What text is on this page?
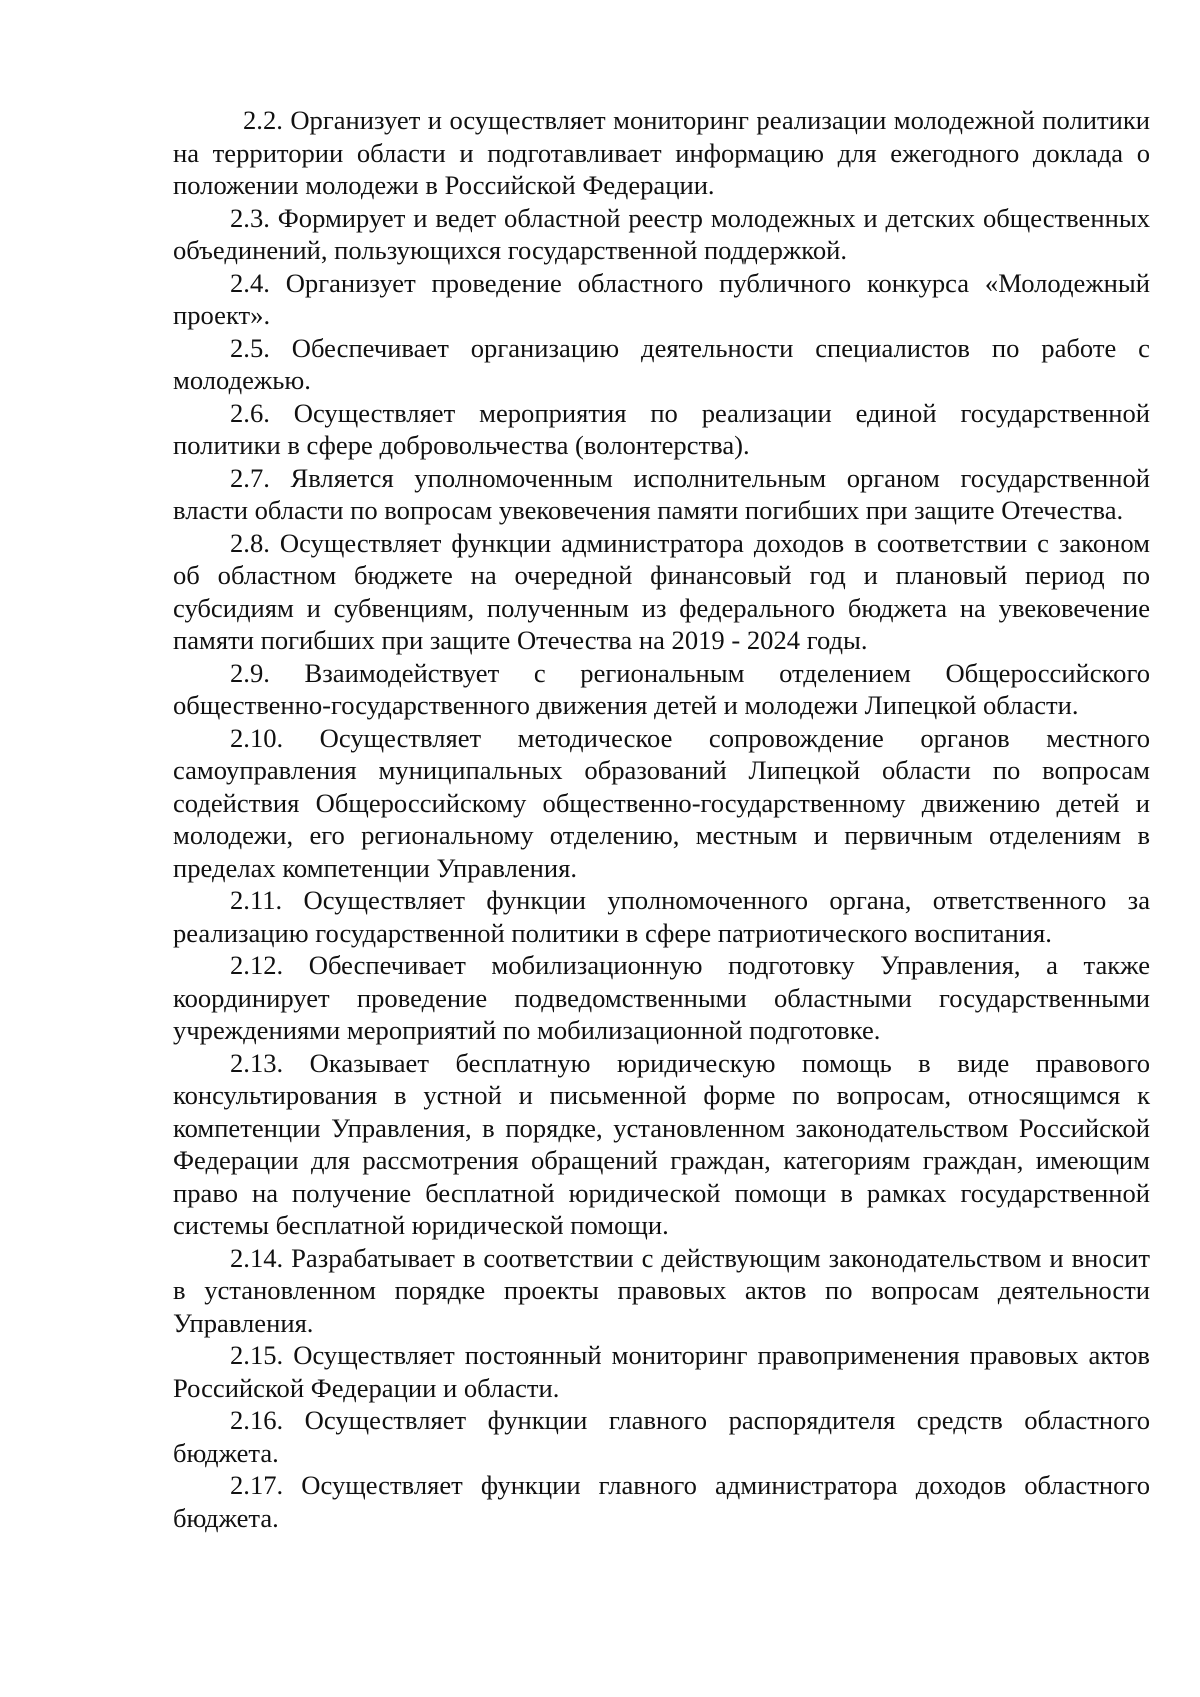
2.2. Организует и осуществляет мониторинг реализации молодежной политики на территории области и подготавливает информацию для ежегодного доклада о положении молодежи в Российской Федерации.

2.3. Формирует и ведет областной реестр молодежных и детских общественных объединений, пользующихся государственной поддержкой.

2.4. Организует проведение областного публичного конкурса «Молодежный проект».

2.5. Обеспечивает организацию деятельности специалистов по работе с молодежью.

2.6. Осуществляет мероприятия по реализации единой государственной политики в сфере добровольчества (волонтерства).

2.7. Является уполномоченным исполнительным органом государственной власти области по вопросам увековечения памяти погибших при защите Отечества.

2.8. Осуществляет функции администратора доходов в соответствии с законом об областном бюджете на очередной финансовый год и плановый период по субсидиям и субвенциям, полученным из федерального бюджета на увековечение памяти погибших при защите Отечества на 2019 - 2024 годы.

2.9. Взаимодействует с региональным отделением Общероссийского общественно-государственного движения детей и молодежи Липецкой области.

2.10. Осуществляет методическое сопровождение органов местного самоуправления муниципальных образований Липецкой области по вопросам содействия Общероссийскому общественно-государственному движению детей и молодежи, его региональному отделению, местным и первичным отделениям в пределах компетенции Управления.

2.11. Осуществляет функции уполномоченного органа, ответственного за реализацию государственной политики в сфере патриотического воспитания.

2.12. Обеспечивает мобилизационную подготовку Управления, а также координирует проведение подведомственными областными государственными учреждениями мероприятий по мобилизационной подготовке.

2.13. Оказывает бесплатную юридическую помощь в виде правового консультирования в устной и письменной форме по вопросам, относящимся к компетенции Управления, в порядке, установленном законодательством Российской Федерации для рассмотрения обращений граждан, категориям граждан, имеющим право на получение бесплатной юридической помощи в рамках государственной системы бесплатной юридической помощи.

2.14. Разрабатывает в соответствии с действующим законодательством и вносит в установленном порядке проекты правовых актов по вопросам деятельности Управления.

2.15. Осуществляет постоянный мониторинг правоприменения правовых актов Российской Федерации и области.

2.16. Осуществляет функции главного распорядителя средств областного бюджета.

2.17. Осуществляет функции главного администратора доходов областного бюджета.
